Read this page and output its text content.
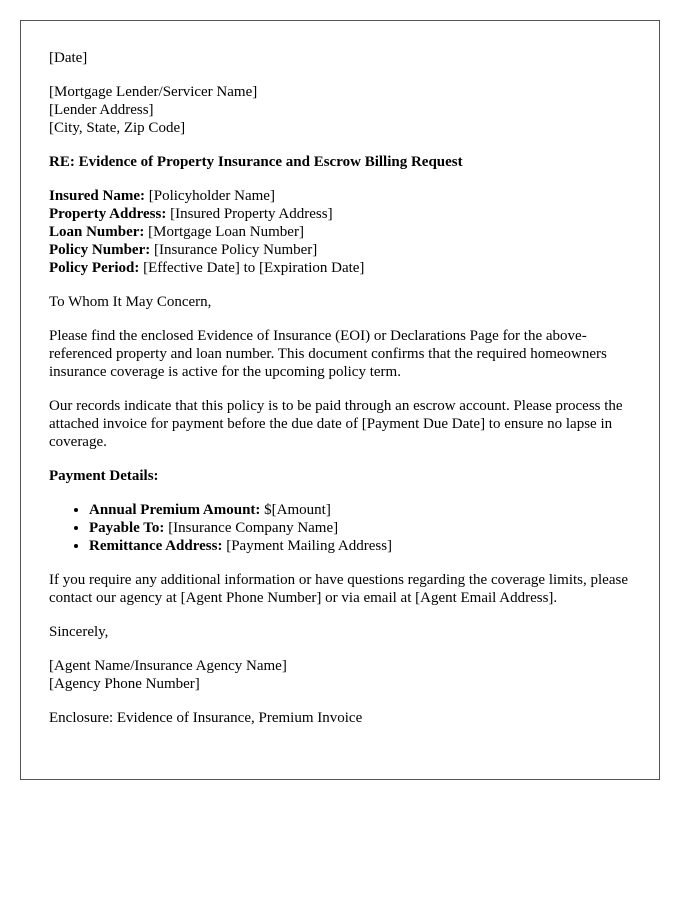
[Date]
[Mortgage Lender/Servicer Name]
[Lender Address]
[City, State, Zip Code]
RE: Evidence of Property Insurance and Escrow Billing Request
Insured Name: [Policyholder Name]
Property Address: [Insured Property Address]
Loan Number: [Mortgage Loan Number]
Policy Number: [Insurance Policy Number]
Policy Period: [Effective Date] to [Expiration Date]

To Whom It May Concern,

Please find the enclosed Evidence of Insurance (EOI) or Declarations Page for the above-referenced property and loan number. This document confirms that the required homeowners insurance coverage is active for the upcoming policy term.

Our records indicate that this policy is to be paid through an escrow account. Please process the attached invoice for payment before the due date of [Payment Due Date] to ensure no lapse in coverage.

Payment Details:

• Annual Premium Amount: $[Amount]
• Payable To: [Insurance Company Name]
• Remittance Address: [Payment Mailing Address]

If you require any additional information or have questions regarding the coverage limits, please contact our agency at [Agent Phone Number] or via email at [Agent Email Address].

Sincerely,

[Agent Name/Insurance Agency Name]
[Agency Phone Number]
Enclosure: Evidence of Insurance, Premium Invoice
